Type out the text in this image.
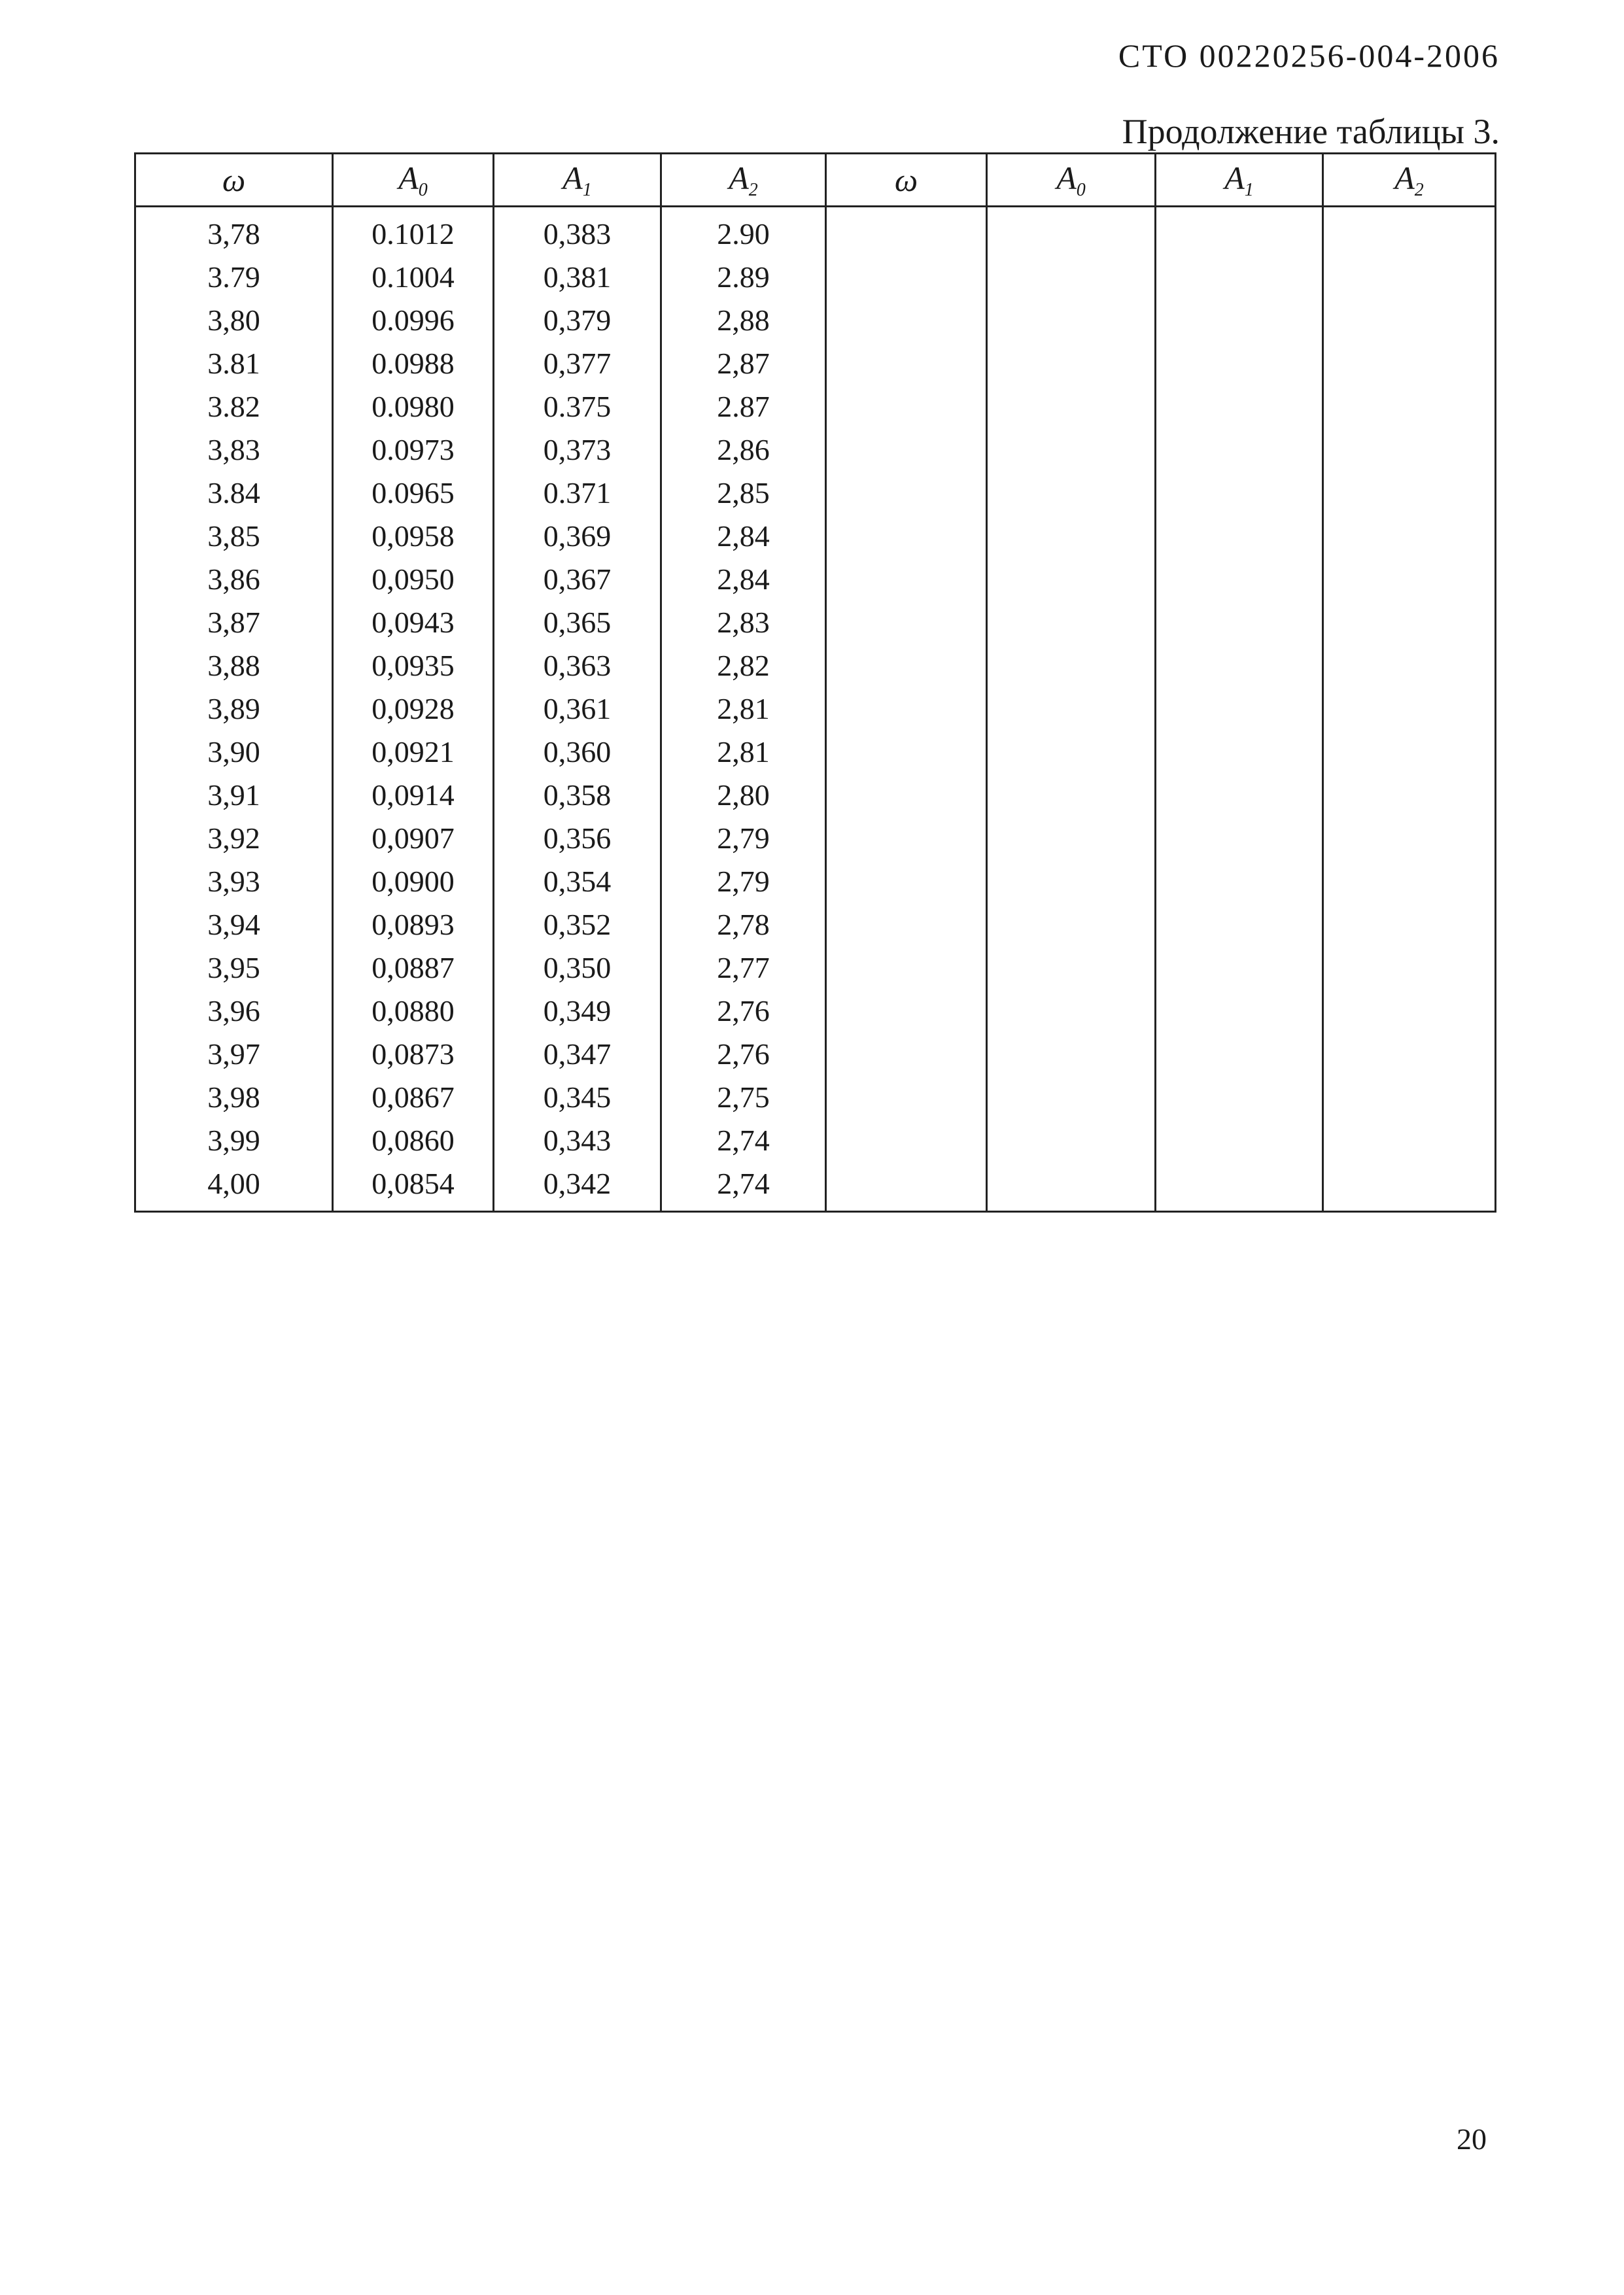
СТО 00220256-004-2006
Продолжение таблицы 3.
ω	$A_0$	$A_1$	$A_2$	ω	$A_0$	$A_1$	$A_2$
3,78	0.1012	0,383	2.90				
3.79	0.1004	0,381	2.89				
3,80	0.0996	0,379	2,88				
3.81	0.0988	0,377	2,87				
3.82	0.0980	0.375	2.87				
3,83	0.0973	0,373	2,86				
3.84	0.0965	0.371	2,85				
3,85	0,0958	0,369	2,84				
3,86	0,0950	0,367	2,84				
3,87	0,0943	0,365	2,83				
3,88	0,0935	0,363	2,82				
3,89	0,0928	0,361	2,81				
3,90	0,0921	0,360	2,81				
3,91	0,0914	0,358	2,80				
3,92	0,0907	0,356	2,79				
3,93	0,0900	0,354	2,79				
3,94	0,0893	0,352	2,78				
3,95	0,0887	0,350	2,77				
3,96	0,0880	0,349	2,76				
3,97	0,0873	0,347	2,76				
3,98	0,0867	0,345	2,75				
3,99	0,0860	0,343	2,74				
4,00	0,0854	0,342	2,74				
20
